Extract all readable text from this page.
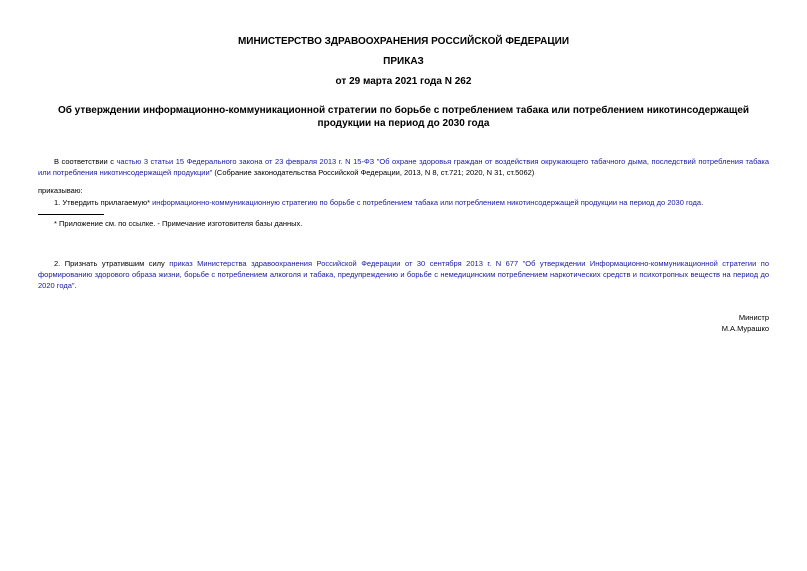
МИНИСТЕРСТВО ЗДРАВООХРАНЕНИЯ РОССИЙСКОЙ ФЕДЕРАЦИИ

ПРИКАЗ

от 29 марта 2021 года N 262

Об утверждении информационно-коммуникационной стратегии по борьбе с потреблением табака или потреблением никотинсодержащей продукции на период до 2030 года

В соответствии с частью 3 статьи 15 Федерального закона от 23 февраля 2013 г. N 15-ФЗ "Об охране здоровья граждан от воздействия окружающего табачного дыма, последствий потребления табака или потребления никотинсодержащей продукции" (Собрание законодательства Российской Федерации, 2013, N 8, ст.721; 2020, N 31, ст.5062)

приказываю:

1. Утвердить прилагаемую* информационно-коммуникационную стратегию по борьбе с потреблением табака или потреблением никотинсодержащей продукции на период до 2030 года.

* Приложение см. по ссылке. - Примечание изготовителя базы данных.

2. Признать утратившим силу приказ Министерства здравоохранения Российской Федерации от 30 сентября 2013 г. N 677 "Об утверждении Информационно-коммуникационной стратегии по формированию здорового образа жизни, борьбе с потреблением алкоголя и табака, предупреждению и борьбе с немедицинским потреблением наркотических средств и психотропных веществ на период до 2020 года".

Министр

М.А.Мурашко
